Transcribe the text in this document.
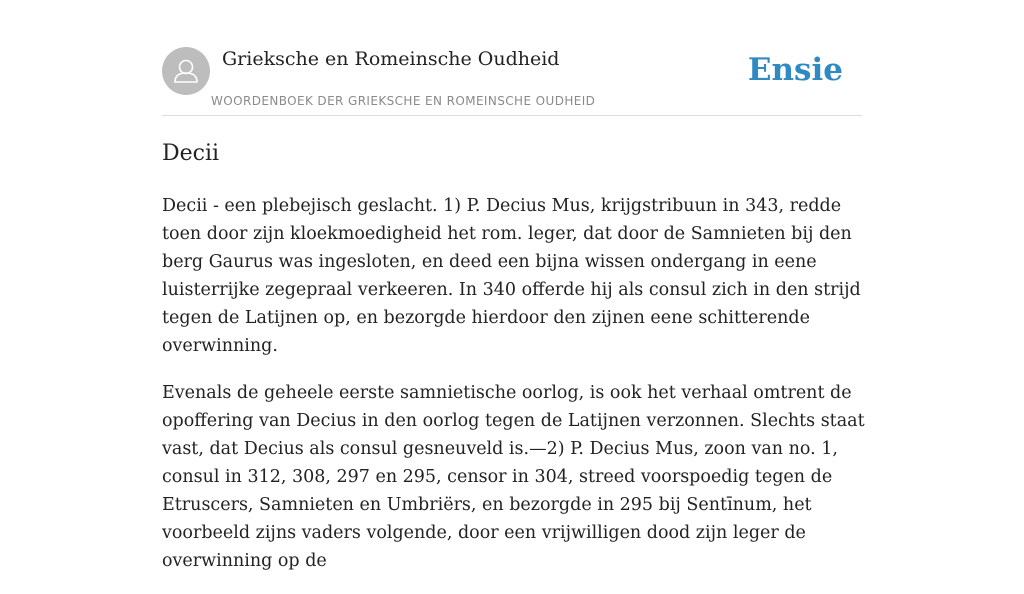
Grieksche en Romeinsche Oudheid
WOORDENBOEK DER GRIEKSCHE EN ROMEINSCHE OUDHEID
Ensie
Decii

Decii - een plebejisch geslacht. 1) P. Decius Mus, krijgstribuun in 343, redde toen door zijn kloekmoedigheid het rom. leger, dat door de Samnieten bij den berg Gaurus was ingesloten, en deed een bijna wissen ondergang in eene luisterrijke zegepraal verkeeren. In 340 offerde hij als consul zich in den strijd tegen de Latijnen op, en bezorgde hierdoor den zijnen eene schitterende overwinning.

Evenals de geheele eerste samnietische oorlog, is ook het verhaal omtrent de opoffering van Decius in den oorlog tegen de Latijnen verzonnen. Slechts staat vast, dat Decius als consul gesneuveld is.—2) P. Decius Mus, zoon van no. 1, consul in 312, 308, 297 en 295, censor in 304, streed voorspoedig tegen de Etruscers, Samnieten en Umbriërs, en bezorgde in 295 bij Sentīnum, het voorbeeld zijns vaders volgende, door een vrijwilligen dood zijn leger de overwinning op de
